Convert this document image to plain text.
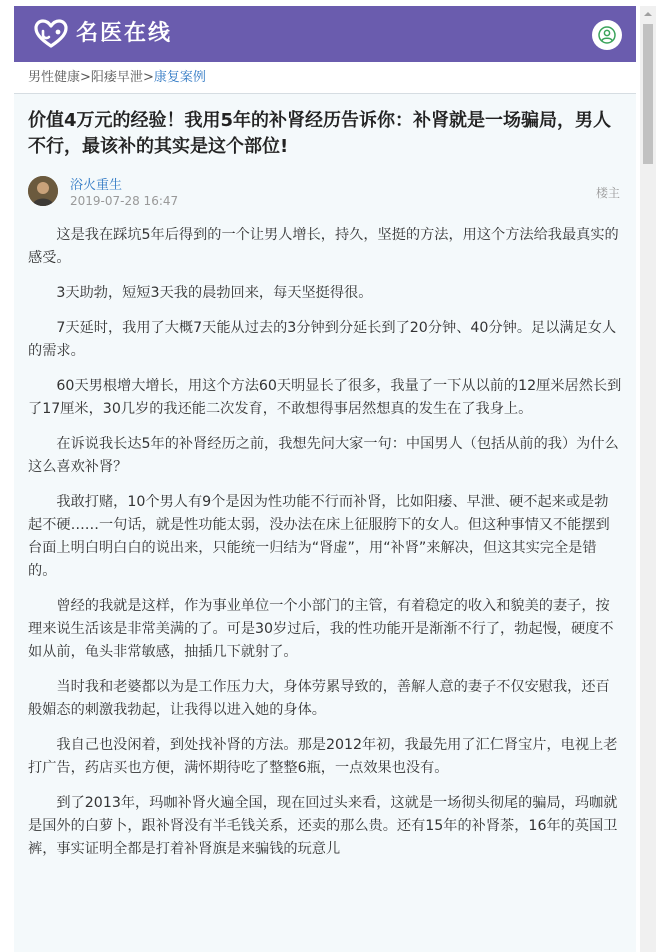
名医在线
男性健康>阳痿早泄>康复案例
价值4万元的经验！我用5年的补肾经历告诉你：补肾就是一场骗局，男人不行，最该补的其实是这个部位!
浴火重生
2019-07-28 16:47
楼主

这是我在踩坑5年后得到的一个让男人增长，持久，坚挺的方法，用这个方法给我最真实的感受。

3天助勃，短短3天我的晨勃回来，每天坚挺得很。

7天延时，我用了大概7天能从过去的3分钟到分延长到了20分钟、40分钟。足以满足女人的需求。

60天男根增大增长，用这个方法60天明显长了很多，我量了一下从以前的12厘米居然长到了17厘米，30几岁的我还能二次发育，不敢想得事居然想真的发生在了我身上。

在诉说我长达5年的补肾经历之前，我想先问大家一句：中国男人（包括从前的我）为什么这么喜欢补肾？

我敢打赌，10个男人有9个是因为性功能不行而补肾，比如阳痿、早泄、硬不起来或是勃起不硬……一句话，就是性功能太弱，没办法在床上征服胯下的女人。但这种事情又不能摆到台面上明白明白白的说出来，只能统一归结为“肾虚”，用“补肾”来解决，但这其实完全是错的。

曾经的我就是这样，作为事业单位一个小部门的主管，有着稳定的收入和貌美的妻子，按理来说生活该是非常美满的了。可是30岁过后，我的性功能开是渐渐不行了，勃起慢，硬度不如从前，龟头非常敏感，抽插几下就射了。

当时我和老婆都以为是工作压力大，身体劳累导致的，善解人意的妻子不仅安慰我，还百般媚态的刺激我勃起，让我得以进入她的身体。

我自己也没闲着，到处找补肾的方法。那是2012年初，我最先用了汇仁肾宝片，电视上老打广告，药店买也方便，满怀期待吃了整整6瓶，一点效果也没有。

到了2013年，玛咖补肾火遍全国，现在回过头来看，这就是一场彻头彻尾的骗局，玛咖就是国外的白萝卜，跟补肾没有半毛钱关系，还卖的那么贵。还有15年的补肾茶，16年的英国卫裤，事实证明全都是打着补肾旗是来骗钱的玩意儿
